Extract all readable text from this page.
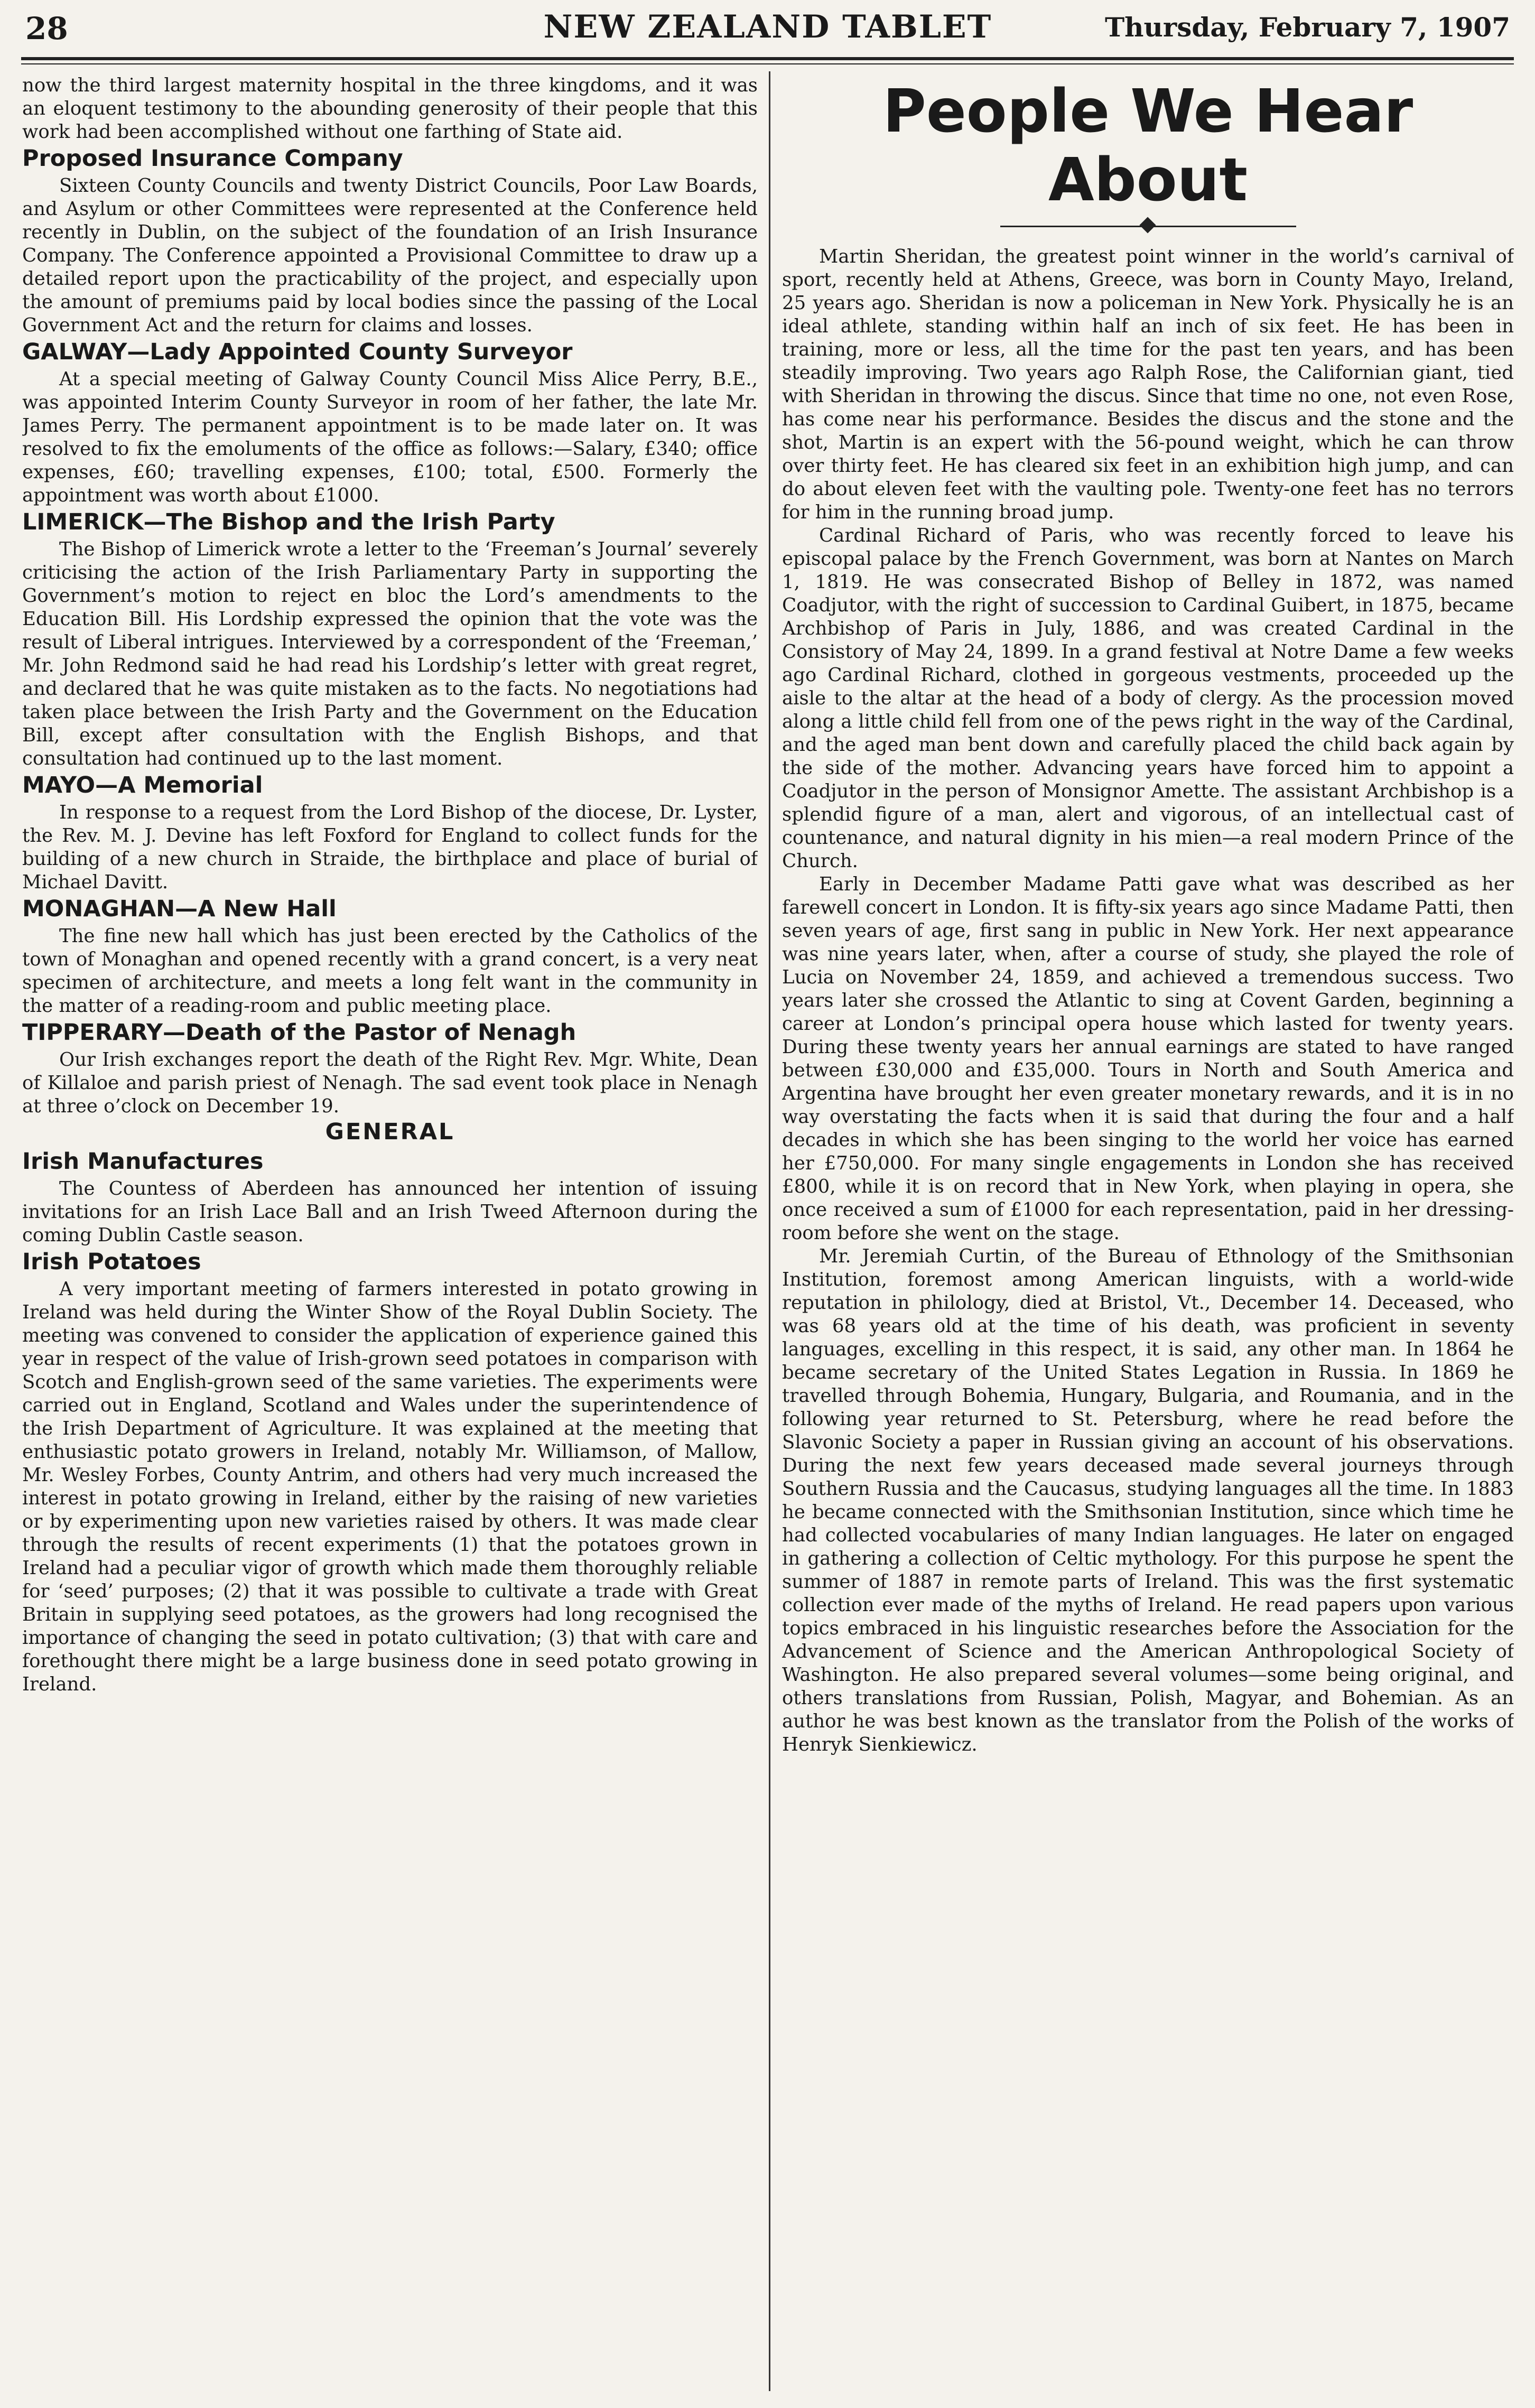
28	NEW ZEALAND TABLET	Thursday, February 7, 1907

now the third largest maternity hospital in the three kingdoms, and it was an eloquent testimony to the abounding generosity of their people that this work had been accomplished without one farthing of State aid.

Proposed Insurance Company

Sixteen County Councils and twenty District Councils, Poor Law Boards, and Asylum or other Committees were represented at the Conference held recently in Dublin, on the subject of the foundation of an Irish Insurance Company. The Conference appointed a Provisional Committee to draw up a detailed report upon the practicability of the project, and especially upon the amount of premiums paid by local bodies since the passing of the Local Government Act and the return for claims and losses.

GALWAY—Lady Appointed County Surveyor

At a special meeting of Galway County Council Miss Alice Perry, B.E., was appointed Interim County Surveyor in room of her father, the late Mr. James Perry. The permanent appointment is to be made later on. It was resolved to fix the emoluments of the office as follows:—Salary, £340; office expenses, £60; travelling expenses, £100; total, £500. Formerly the appointment was worth about £1000.

LIMERICK—The Bishop and the Irish Party

The Bishop of Limerick wrote a letter to the ‘Freeman’s Journal’ severely criticising the action of the Irish Parliamentary Party in supporting the Government’s motion to reject en bloc the Lord’s amendments to the Education Bill. His Lordship expressed the opinion that the vote was the result of Liberal intrigues. Interviewed by a correspondent of the ‘Freeman,’ Mr. John Redmond said he had read his Lordship’s letter with great regret, and declared that he was quite mistaken as to the facts. No negotiations had taken place between the Irish Party and the Government on the Education Bill, except after consultation with the English Bishops, and that consultation had continued up to the last moment.

MAYO—A Memorial

In response to a request from the Lord Bishop of the diocese, Dr. Lyster, the Rev. M. J. Devine has left Foxford for England to collect funds for the building of a new church in Straide, the birthplace and place of burial of Michael Davitt.

MONAGHAN—A New Hall

The fine new hall which has just been erected by the Catholics of the town of Monaghan and opened recently with a grand concert, is a very neat specimen of architecture, and meets a long felt want in the community in the matter of a reading-room and public meeting place.

TIPPERARY—Death of the Pastor of Nenagh

Our Irish exchanges report the death of the Right Rev. Mgr. White, Dean of Killaloe and parish priest of Nenagh. The sad event took place in Nenagh at three o’clock on December 19.

GENERAL
Irish Manufactures

The Countess of Aberdeen has announced her intention of issuing invitations for an Irish Lace Ball and an Irish Tweed Afternoon during the coming Dublin Castle season.

Irish Potatoes

A very important meeting of farmers interested in potato growing in Ireland was held during the Winter Show of the Royal Dublin Society. The meeting was convened to consider the application of experience gained this year in respect of the value of Irish-grown seed potatoes in comparison with Scotch and English-grown seed of the same varieties. The experiments were carried out in England, Scotland and Wales under the superintendence of the Irish Department of Agriculture. It was explained at the meeting that enthusiastic potato growers in Ireland, notably Mr. Williamson, of Mallow, Mr. Wesley Forbes, County Antrim, and others had very much increased the interest in potato growing in Ireland, either by the raising of new varieties or by experimenting upon new varieties raised by others. It was made clear through the results of recent experiments (1) that the potatoes grown in Ireland had a peculiar vigor of growth which made them thoroughly reliable for ‘seed’ purposes; (2) that it was possible to cultivate a trade with Great Britain in supplying seed potatoes, as the growers had long recognised the importance of changing the seed in potato cultivation; (3) that with care and forethought there might be a large business done in seed potato growing in Ireland.

People We Hear About

Martin Sheridan, the greatest point winner in the world’s carnival of sport, recently held at Athens, Greece, was born in County Mayo, Ireland, 25 years ago. Sheridan is now a policeman in New York. Physically he is an ideal athlete, standing within half an inch of six feet. He has been in training, more or less, all the time for the past ten years, and has been steadily improving. Two years ago Ralph Rose, the Californian giant, tied with Sheridan in throwing the discus. Since that time no one, not even Rose, has come near his performance. Besides the discus and the stone and the shot, Martin is an expert with the 56-pound weight, which he can throw over thirty feet. He has cleared six feet in an exhibition high jump, and can do about eleven feet with the vaulting pole. Twenty-one feet has no terrors for him in the running broad jump.

Cardinal Richard of Paris, who was recently forced to leave his episcopal palace by the French Government, was born at Nantes on March 1, 1819. He was consecrated Bishop of Belley in 1872, was named Coadjutor, with the right of succession to Cardinal Guibert, in 1875, became Archbishop of Paris in July, 1886, and was created Cardinal in the Consistory of May 24, 1899. In a grand festival at Notre Dame a few weeks ago Cardinal Richard, clothed in gorgeous vestments, proceeded up the aisle to the altar at the head of a body of clergy. As the procession moved along a little child fell from one of the pews right in the way of the Cardinal, and the aged man bent down and carefully placed the child back again by the side of the mother. Advancing years have forced him to appoint a Coadjutor in the person of Monsignor Amette. The assistant Archbishop is a splendid figure of a man, alert and vigorous, of an intellectual cast of countenance, and natural dignity in his mien—a real modern Prince of the Church.

Early in December Madame Patti gave what was described as her farewell concert in London. It is fifty-six years ago since Madame Patti, then seven years of age, first sang in public in New York. Her next appearance was nine years later, when, after a course of study, she played the role of Lucia on November 24, 1859, and achieved a tremendous success. Two years later she crossed the Atlantic to sing at Covent Garden, beginning a career at London’s principal opera house which lasted for twenty years. During these twenty years her annual earnings are stated to have ranged between £30,000 and £35,000. Tours in North and South America and Argentina have brought her even greater monetary rewards, and it is in no way overstating the facts when it is said that during the four and a half decades in which she has been singing to the world her voice has earned her £750,000. For many single engagements in London she has received £800, while it is on record that in New York, when playing in opera, she once received a sum of £1000 for each representation, paid in her dressing-room before she went on the stage.

Mr. Jeremiah Curtin, of the Bureau of Ethnology of the Smithsonian Institution, foremost among American linguists, with a world-wide reputation in philology, died at Bristol, Vt., December 14. Deceased, who was 68 years old at the time of his death, was proficient in seventy languages, excelling in this respect, it is said, any other man. In 1864 he became secretary of the United States Legation in Russia. In 1869 he travelled through Bohemia, Hungary, Bulgaria, and Roumania, and in the following year returned to St. Petersburg, where he read before the Slavonic Society a paper in Russian giving an account of his observations. During the next few years deceased made several journeys through Southern Russia and the Caucasus, studying languages all the time. In 1883 he became connected with the Smithsonian Institution, since which time he had collected vocabularies of many Indian languages. He later on engaged in gathering a collection of Celtic mythology. For this purpose he spent the summer of 1887 in remote parts of Ireland. This was the first systematic collection ever made of the myths of Ireland. He read papers upon various topics embraced in his linguistic researches before the Association for the Advancement of Science and the American Anthropological Society of Washington. He also prepared several volumes—some being original, and others translations from Russian, Polish, Magyar, and Bohemian. As an author he was best known as the translator from the Polish of the works of Henryk Sienkiewicz.
